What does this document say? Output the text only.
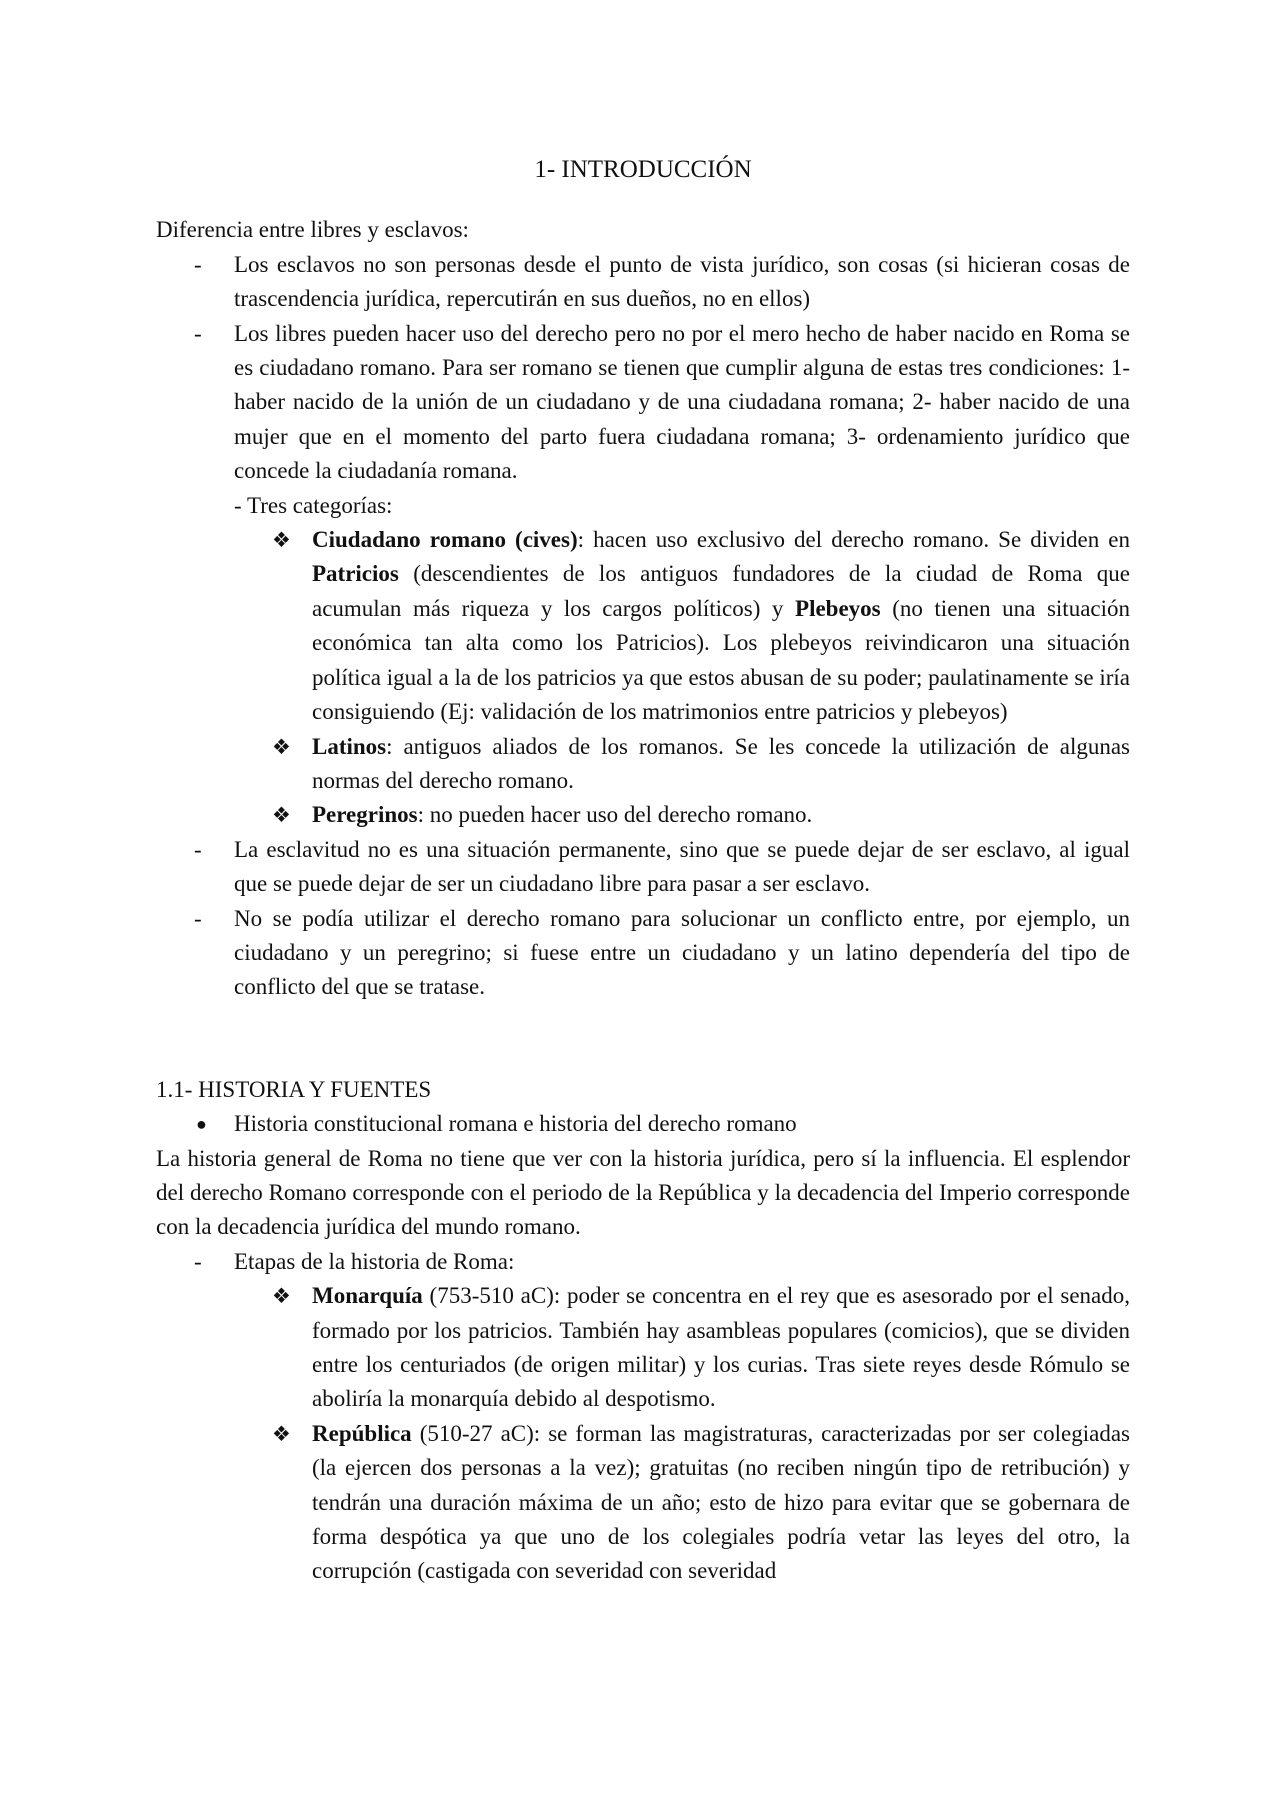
1- INTRODUCCIÓN

Diferencia entre libres y esclavos:

- Los esclavos no son personas desde el punto de vista jurídico, son cosas (si hicieran cosas de trascendencia jurídica, repercutirán en sus dueños, no en ellos)
- Los libres pueden hacer uso del derecho pero no por el mero hecho de haber nacido en Roma se es ciudadano romano. Para ser romano se tienen que cumplir alguna de estas tres condiciones: 1- haber nacido de la unión de un ciudadano y de una ciudadana romana; 2- haber nacido de una mujer que en el momento del parto fuera ciudadana romana; 3- ordenamiento jurídico que concede la ciudadanía romana.

- Tres categorías:

❖ Ciudadano romano (cives): hacen uso exclusivo del derecho romano. Se dividen en Patricios (descendientes de los antiguos fundadores de la ciudad de Roma que acumulan más riqueza y los cargos políticos) y Plebeyos (no tienen una situación económica tan alta como los Patricios). Los plebeyos reivindicaron una situación política igual a la de los patricios ya que estos abusan de su poder; paulatinamente se iría consiguiendo (Ej: validación de los matrimonios entre patricios y plebeyos)
❖ Latinos: antiguos aliados de los romanos. Se les concede la utilización de algunas normas del derecho romano.
❖ Peregrinos: no pueden hacer uso del derecho romano.
- La esclavitud no es una situación permanente, sino que se puede dejar de ser esclavo, al igual que se puede dejar de ser un ciudadano libre para pasar a ser esclavo.
- No se podía utilizar el derecho romano para solucionar un conflicto entre, por ejemplo, un ciudadano y un peregrino; si fuese entre un ciudadano y un latino dependería del tipo de conflicto del que se tratase.

1.1- HISTORIA Y FUENTES

● Historia constitucional romana e historia del derecho romano

La historia general de Roma no tiene que ver con la historia jurídica, pero sí la influencia. El esplendor del derecho Romano corresponde con el periodo de la República y la decadencia del Imperio corresponde con la decadencia jurídica del mundo romano.

- Etapas de la historia de Roma:
❖ Monarquía (753-510 aC): poder se concentra en el rey que es asesorado por el senado, formado por los patricios. También hay asambleas populares (comicios), que se dividen entre los centuriados (de origen militar) y los curias. Tras siete reyes desde Rómulo se aboliría la monarquía debido al despotismo.
❖ República (510-27 aC): se forman las magistraturas, caracterizadas por ser colegiadas (la ejercen dos personas a la vez); gratuitas (no reciben ningún tipo de retribución) y tendrán una duración máxima de un año; esto de hizo para evitar que se gobernara de forma despótica ya que uno de los colegiales podría vetar las leyes del otro, la corrupción (castigada con severidad con severidad
